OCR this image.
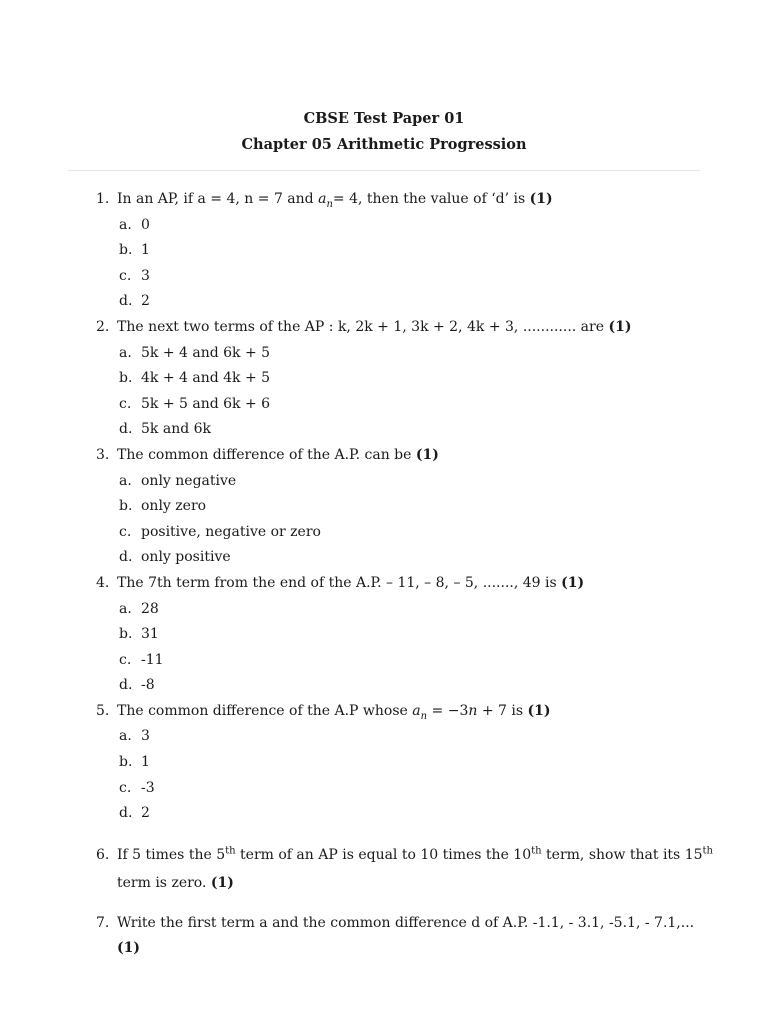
CBSE Test Paper 01
Chapter 05 Arithmetic Progression
1. In an AP, if a = 4, n = 7 and $a_n= 4$, then the value of ‘d’ is (1)
a. 0
b. 1
c. 3
d. 2
2. The next two terms of the AP : k, 2k + 1, 3k + 2, 4k + 3, ............ are (1)
a. 5k + 4 and 6k + 5
b. 4k + 4 and 4k + 5
c. 5k + 5 and 6k + 6
d. 5k and 6k
3. The common difference of the A.P. can be (1)
a. only negative
b. only zero
c. positive, negative or zero
d. only positive
4. The 7th term from the end of the A.P. – 11, – 8, – 5, ......., 49 is (1)
a. 28
b. 31
c. -11
d. -8
5. The common difference of the A.P whose $a_n = -3n + 7$ is (1)
a. 3
b. 1
c. -3
d. 2
6. If 5 times the 5th term of an AP is equal to 10 times the 10th term, show that its 15th
term is zero. (1)
7. Write the first term a and the common difference d of A.P. -1.1, - 3.1, -5.1, - 7.1,... (1)
